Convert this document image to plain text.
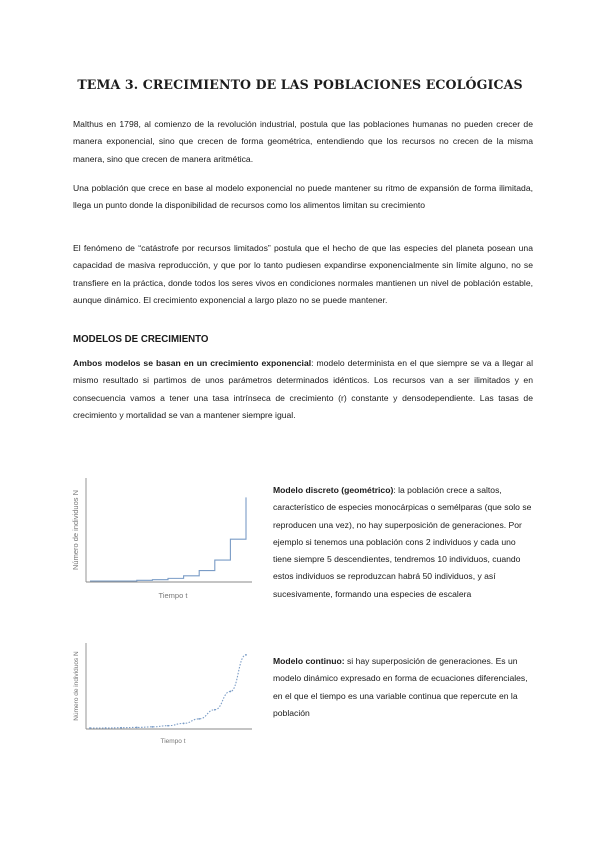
TEMA 3. CRECIMIENTO DE LAS POBLACIONES ECOLÓGICAS

Malthus en 1798, al comienzo de la revolución industrial, postula que las poblaciones humanas no pueden crecer de manera exponencial, sino que crecen de forma geométrica, entendiendo que los recursos no crecen de la misma manera, sino que crecen de manera aritmética.

Una población que crece en base al modelo exponencial no puede mantener su ritmo de expansión de forma ilimitada, llega un punto donde la disponibilidad de recursos como los alimentos limitan su crecimiento

El fenómeno de “catástrofe por recursos limitados” postula que el hecho de que las especies del planeta posean una capacidad de masiva reproducción, y que por lo tanto pudiesen expandirse exponencialmente sin límite alguno, no se transfiere en la práctica, donde todos los seres vivos en condiciones normales mantienen un nivel de población estable, aunque dinámico. El crecimiento exponencial a largo plazo no se puede mantener.

MODELOS DE CRECIMIENTO

Ambos modelos se basan en un crecimiento exponencial: modelo determinista en el que siempre se va a llegar al mismo resultado si partimos de unos parámetros determinados idénticos. Los recursos van a ser ilimitados y en consecuencia vamos a tener una tasa intrínseca de crecimiento (r) constante y densodependiente. Las tasas de crecimiento y mortalidad se van a mantener siempre igual.

Tiempo t
Número de individuos N	Modelo discreto (geométrico): la población crece a saltos, característico de especies monocárpicas o semélparas (que solo se reproducen una vez), no hay superposición de generaciones. Por ejemplo si tenemos una población cons 2 individuos y cada uno tiene siempre 5 descendientes, tendremos 10 individuos, cuando estos individuos se reproduzcan habrá 50 individuos, y así sucesivamente, formando una especies de escalera

Tiempo t
Número de individuos N	Modelo continuo: si hay superposición de generaciones. Es un modelo dinámico expresado en forma de ecuaciones diferenciales, en el que el tiempo es una variable continua que repercute en la población
